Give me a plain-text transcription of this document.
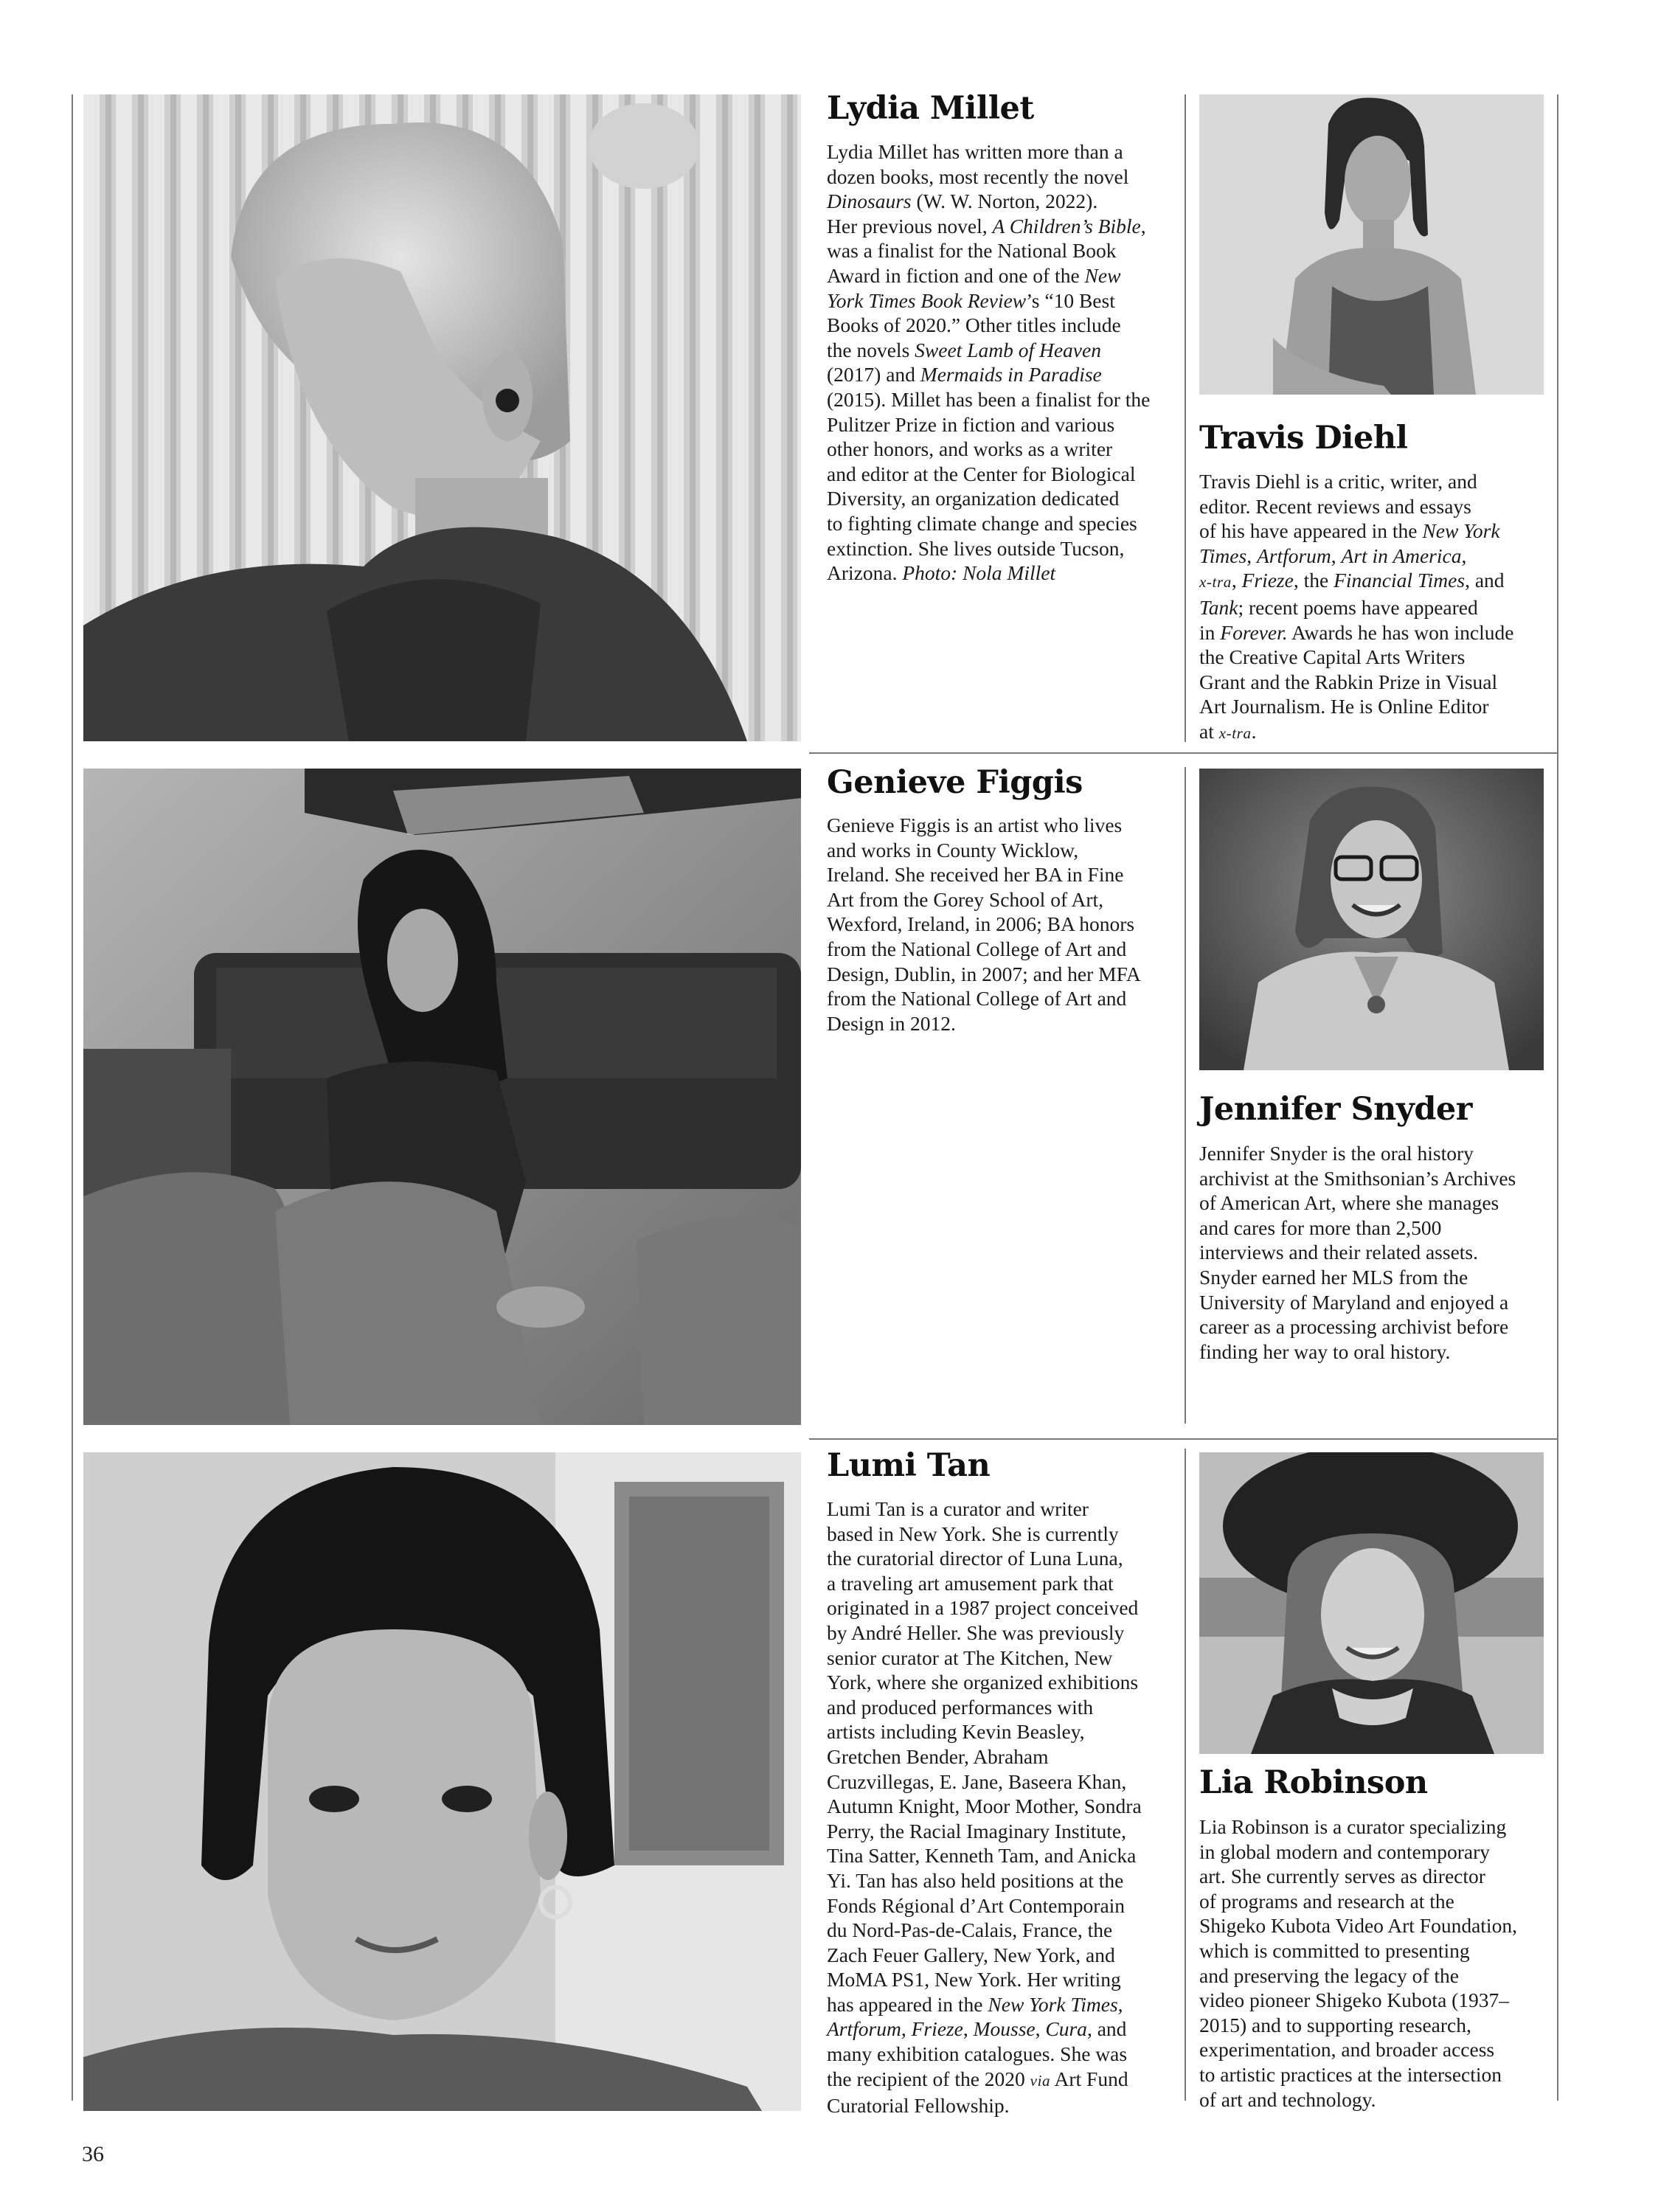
Lydia Millet
Lydia Millet has written more than a
dozen books, most recently the novel
Dinosaurs (W. W. Norton, 2022).
Her previous novel, A Children’s Bible,
was a finalist for the National Book
Award in fiction and one of the New
York Times Book Review’s “10 Best
Books of 2020.” Other titles include
the novels Sweet Lamb of Heaven
(2017) and Mermaids in Paradise
(2015). Millet has been a finalist for the
Pulitzer Prize in fiction and various
other honors, and works as a writer
and editor at the Center for Biological
Diversity, an organization dedicated
to fighting climate change and species
extinction. She lives outside Tucson,
Arizona. Photo: Nola Millet
Travis Diehl
Travis Diehl is a critic, writer, and
editor. Recent reviews and essays
of his have appeared in the New York
Times, Artforum, Art in America,
x-tra, Frieze, the Financial Times, and
Tank; recent poems have appeared
in Forever. Awards he has won include
the Creative Capital Arts Writers
Grant and the Rabkin Prize in Visual
Art Journalism. He is Online Editor
at x-tra.
Genieve Figgis
Genieve Figgis is an artist who lives
and works in County Wicklow,
Ireland. She received her BA in Fine
Art from the Gorey School of Art,
Wexford, Ireland, in 2006; BA honors
from the National College of Art and
Design, Dublin, in 2007; and her MFA
from the National College of Art and
Design in 2012.
Jennifer Snyder
Jennifer Snyder is the oral history
archivist at the Smithsonian’s Archives
of American Art, where she manages
and cares for more than 2,500
interviews and their related assets.
Snyder earned her MLS from the
University of Maryland and enjoyed a
career as a processing archivist before
finding her way to oral history.
Lumi Tan
Lumi Tan is a curator and writer
based in New York. She is currently
the curatorial director of Luna Luna,
a traveling art amusement park that
originated in a 1987 project conceived
by André Heller. She was previously
senior curator at The Kitchen, New
York, where she organized exhibitions
and produced performances with
artists including Kevin Beasley,
Gretchen Bender, Abraham
Cruzvillegas, E. Jane, Baseera Khan,
Autumn Knight, Moor Mother, Sondra
Perry, the Racial Imaginary Institute,
Tina Satter, Kenneth Tam, and Anicka
Yi. Tan has also held positions at the
Fonds Régional d’Art Contemporain
du Nord-Pas-de-Calais, France, the
Zach Feuer Gallery, New York, and
MoMA PS1, New York. Her writing
has appeared in the New York Times,
Artforum, Frieze, Mousse, Cura, and
many exhibition catalogues. She was
the recipient of the 2020 via Art Fund
Curatorial Fellowship.
Lia Robinson
Lia Robinson is a curator specializing
in global modern and contemporary
art. She currently serves as director
of programs and research at the
Shigeko Kubota Video Art Foundation,
which is committed to presenting
and preserving the legacy of the
video pioneer Shigeko Kubota (1937–
2015) and to supporting research,
experimentation, and broader access
to artistic practices at the intersection
of art and technology.
36
